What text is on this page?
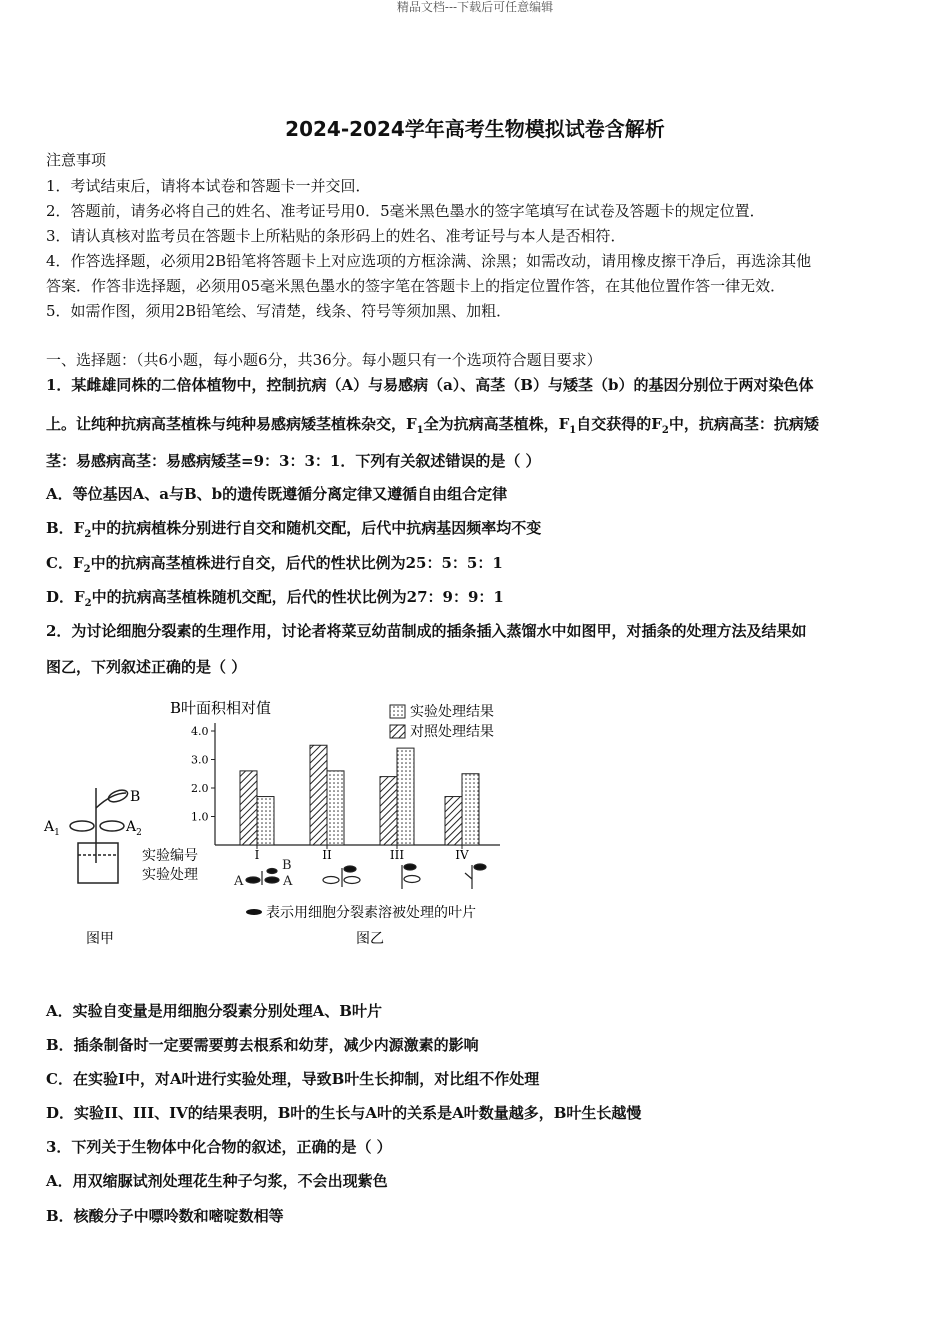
精品文档---下载后可任意编辑
2024-2024学年高考生物模拟试卷含解析
注意事项
1．考试结束后，请将本试卷和答题卡一并交回．
2．答题前，请务必将自己的姓名、准考证号用0．5毫米黑色墨水的签字笔填写在试卷及答题卡的规定位置．
3．请认真核对监考员在答题卡上所粘贴的条形码上的姓名、准考证号与本人是否相符．
4．作答选择题，必须用2B铅笔将答题卡上对应选项的方框涂满、涂黑；如需改动，请用橡皮擦干净后，再选涂其他
答案．作答非选择题，必须用05毫米黑色墨水的签字笔在答题卡上的指定位置作答，在其他位置作答一律无效．
5．如需作图，须用2B铅笔绘、写清楚，线条、符号等须加黑、加粗．
一、选择题：（共6小题，每小题6分，共36分。每小题只有一个选项符合题目要求）
1．某雌雄同株的二倍体植物中，控制抗病（A）与易感病（a）、高茎（B）与矮茎（b）的基因分别位于两对染色体
上。让纯种抗病高茎植株与纯种易感病矮茎植株杂交，$F_1$全为抗病高茎植株，$F_1$自交获得的$F_2$中，抗病高茎：抗病矮
茎：易感病高茎：易感病矮茎=9：3：3：1．下列有关叙述错误的是（ ）
A．等位基因A、a与B、b的遗传既遵循分离定律又遵循自由组合定律
B．$F_2$中的抗病植株分别进行自交和随机交配，后代中抗病基因频率均不变
C．$F_2$中的抗病高茎植株进行自交，后代的性状比例为25：5：5：1
D．$F_2$中的抗病高茎植株随机交配，后代的性状比例为27：9：9：1
2．为讨论细胞分裂素的生理作用，讨论者将菜豆幼苗制成的插条插入蒸馏水中如图甲，对插条的处理方法及结果如
图乙，下列叙述正确的是（ ）
B
$A_1$	$A_2$
图甲
B叶面积相对值
1.0
2.0
3.0
4.0
I	II	III	IV
实验处理结果
对照处理结果
实验编号
实验处理
B
A	A
表示用细胞分裂素溶被处理的叶片
图乙
A．实验自变量是用细胞分裂素分别处理A、B叶片
B．插条制备时一定要需要剪去根系和幼芽，减少内源激素的影响
C．在实验I中，对A叶进行实验处理，导致B叶生长抑制，对比组不作处理
D．实验II、III、IV的结果表明，B叶的生长与A叶的关系是A叶数量越多，B叶生长越慢
3．下列关于生物体中化合物的叙述，正确的是（ ）
A．用双缩脲试剂处理花生种子匀浆，不会出现紫色
B．核酸分子中嘌呤数和嘧啶数相等
